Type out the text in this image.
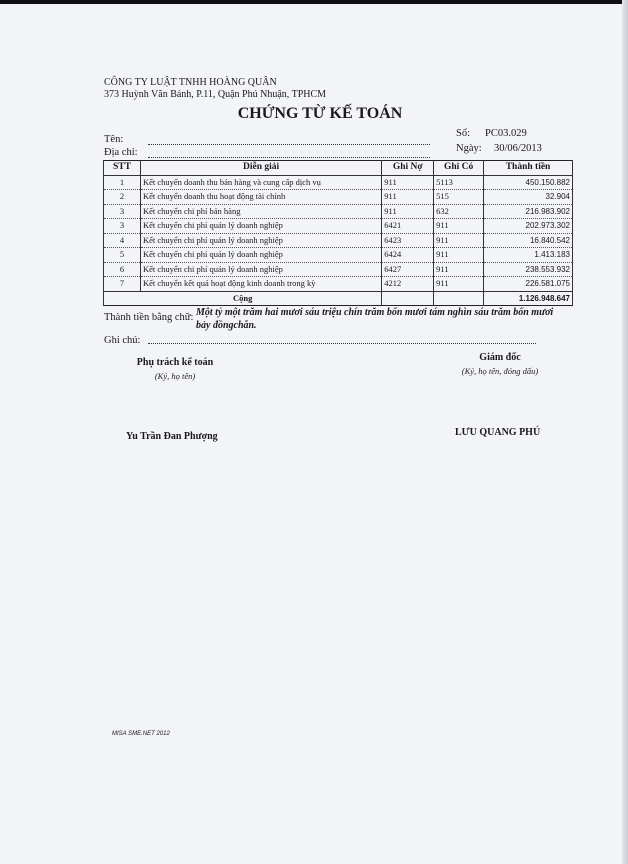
CÔNG TY LUẬT TNHH HOÀNG QUÂN
373 Huỳnh Văn Bánh, P.11, Quận Phú Nhuận, TPHCM
CHỨNG TỪ KẾ TOÁN
Tên:
Địa chỉ:
Số: PC03.029
Ngày: 30/06/2013
STT	Diễn giải	Ghi Nợ	Ghi Có	Thành tiền
1	Kết chuyển doanh thu bán hàng và cung cấp dịch vụ	911	5113	450.150.882
2	Kết chuyển doanh thu hoạt động tài chính	911	515	32.904
3	Kết chuyển chi phí bán hàng	911	632	216.983.902
3	Kết chuyển chi phí quản lý doanh nghiệp	6421	911	202.973.302
4	Kết chuyển chi phí quản lý doanh nghiệp	6423	911	16.840.542
5	Kết chuyển chi phí quản lý doanh nghiệp	6424	911	1.413.183
6	Kết chuyển chi phí quản lý doanh nghiệp	6427	911	238.553.932
7	Kết chuyển kết quả hoạt động kinh doanh trong kỳ	4212	911	226.581.075
Cộng				1.126.948.647
Thành tiền bằng chữ: Một tỷ một trăm hai mươi sáu triệu chín trăm bốn mươi tám nghìn sáu trăm bốn mươi bảy đồngchẵn.
Ghi chú:
Phụ trách kế toán
(Ký, họ tên)
Giám đốc
(Ký, họ tên, đóng dấu)
Yu Trần Đan Phượng	LƯU QUANG PHÚ
MISA SME.NET 2012
